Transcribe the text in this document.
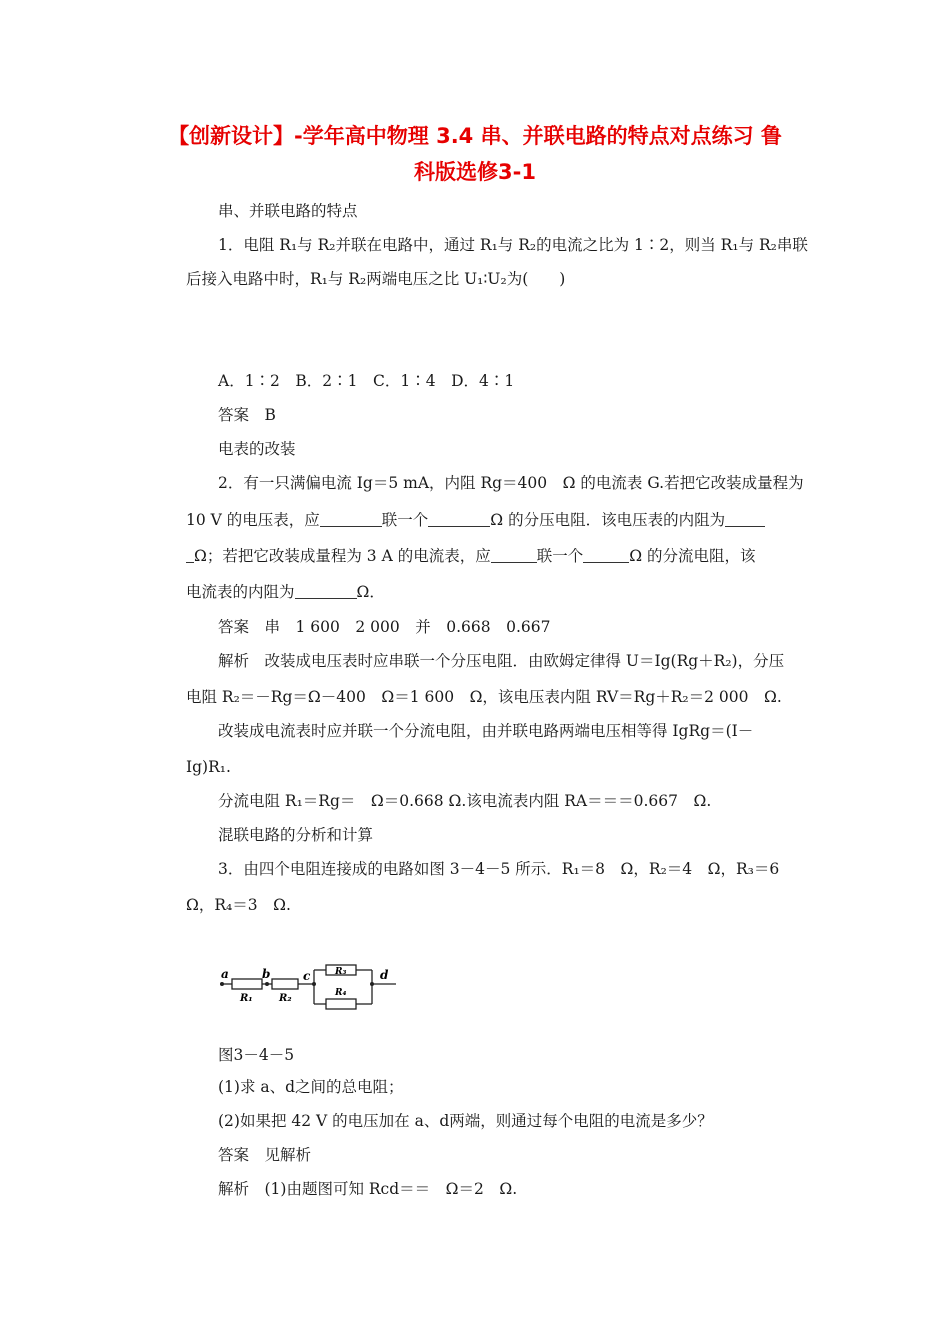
【创新设计】-学年高中物理 3.4 串、并联电路的特点对点练习 鲁
科版选修3-1
串、并联电路的特点
1．电阻 R₁与 R₂并联在电路中，通过 R₁与 R₂的电流之比为 1∶2，则当 R₁与 R₂串联
后接入电路中时，R₁与 R₂两端电压之比 U₁∶U₂为(　　)
A．1∶2　B．2∶1　C．1∶4　D．4∶1
答案　B
电表的改装
2．有一只满偏电流 Ig＝5 mA，内阻 Rg＝400　Ω 的电流表 G.若把它改装成量程为
10 V 的电压表，应	联一个	Ω 的分压电阻．该电压表的内阻为
Ω；若把它改装成量程为 3 A 的电流表，应	联一个	Ω 的分流电阻，该
电流表的内阻为	Ω．
答案　串　1 600　2 000　并　0.668　0.667
解析　改装成电压表时应串联一个分压电阻．由欧姆定律得 U＝Ig(Rg＋R₂)，分压
电阻 R₂＝－Rg＝Ω－400　Ω＝1 600　Ω，该电压表内阻 RV＝Rg＋R₂＝2 000　Ω.
改装成电流表时应并联一个分流电阻，由并联电路两端电压相等得 IgRg＝(I－
Ig)R₁.
分流电阻 R₁＝Rg＝　Ω＝0.668 Ω.该电流表内阻 RA＝＝＝0.667　Ω.
混联电路的分析和计算
3．由四个电阻连接成的电路如图 3－4－5 所示．R₁＝8　Ω，R₂＝4　Ω，R₃＝6
Ω，R₄＝3　Ω.
a	b	c	d
R₁	R₂
R₃
R₄
图3－4－5
(1)求 a、d之间的总电阻；
(2)如果把 42 V 的电压加在 a、d两端，则通过每个电阻的电流是多少？
答案　见解析
解析　(1)由题图可知 Rcd＝＝　Ω＝2　Ω.
